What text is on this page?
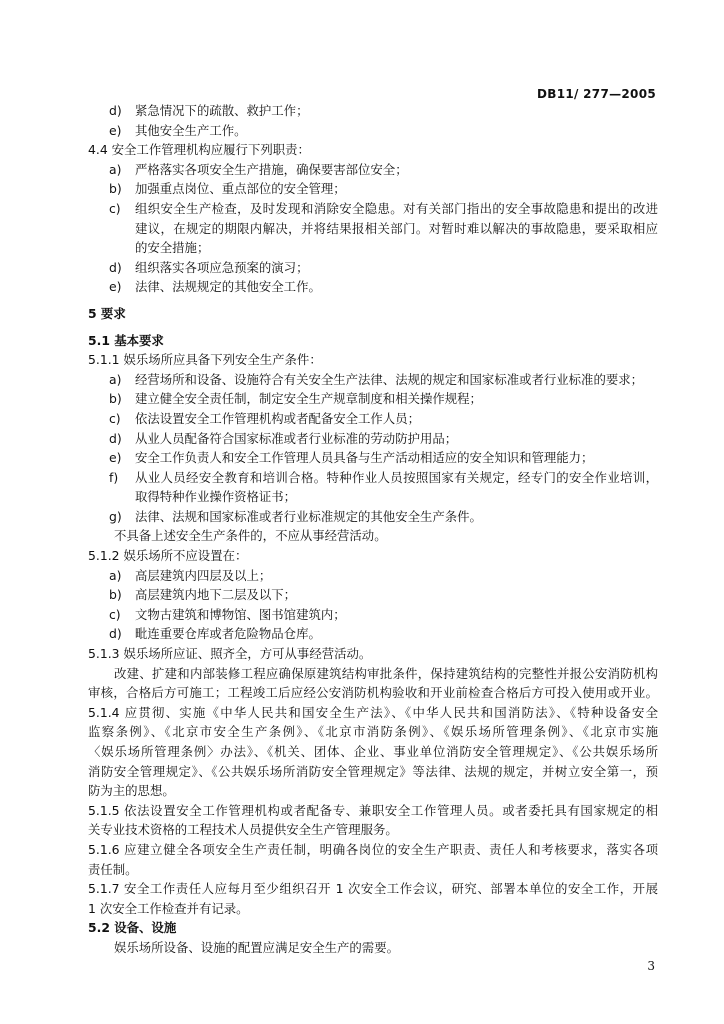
DB11/ 277—2005
d) 紧急情况下的疏散、救护工作；
e) 其他安全生产工作。
4.4 安全工作管理机构应履行下列职责：
a) 严格落实各项安全生产措施，确保要害部位安全；
b) 加强重点岗位、重点部位的安全管理；
c) 组织安全生产检查，及时发现和消除安全隐患。对有关部门指出的安全事故隐患和提出的改进
建议，在规定的期限内解决，并将结果报相关部门。对暂时难以解决的事故隐患，要采取相应
的安全措施；
d) 组织落实各项应急预案的演习；
e) 法律、法规规定的其他安全工作。
5 要求
5.1 基本要求
5.1.1 娱乐场所应具备下列安全生产条件：
a) 经营场所和设备、设施符合有关安全生产法律、法规的规定和国家标准或者行业标准的要求；
b) 建立健全安全责任制，制定安全生产规章制度和相关操作规程；
c) 依法设置安全工作管理机构或者配备安全工作人员；
d) 从业人员配备符合国家标准或者行业标准的劳动防护用品；
e) 安全工作负责人和安全工作管理人员具备与生产活动相适应的安全知识和管理能力；
f) 从业人员经安全教育和培训合格。特种作业人员按照国家有关规定，经专门的安全作业培训，
取得特种作业操作资格证书；
g) 法律、法规和国家标准或者行业标准规定的其他安全生产条件。
不具备上述安全生产条件的，不应从事经营活动。
5.1.2 娱乐场所不应设置在：
a) 高层建筑内四层及以上；
b) 高层建筑内地下二层及以下；
c) 文物古建筑和博物馆、图书馆建筑内；
d) 毗连重要仓库或者危险物品仓库。
5.1.3 娱乐场所应证、照齐全，方可从事经营活动。
改建、扩建和内部装修工程应确保原建筑结构审批条件，保持建筑结构的完整性并报公安消防机构
审核，合格后方可施工；工程竣工后应经公安消防机构验收和开业前检查合格后方可投入使用或开业。
5.1.4 应贯彻、实施《中华人民共和国安全生产法》、《中华人民共和国消防法》、《特种设备安全
监察条例》、《北京市安全生产条例》、《北京市消防条例》、《娱乐场所管理条例》、《北京市实施
〈娱乐场所管理条例〉办法》、《机关、团体、企业、事业单位消防安全管理规定》、《公共娱乐场所
消防安全管理规定》、《公共娱乐场所消防安全管理规定》等法律、法规的规定，并树立安全第一，预
防为主的思想。
5.1.5 依法设置安全工作管理机构或者配备专、兼职安全工作管理人员。或者委托具有国家规定的相
关专业技术资格的工程技术人员提供安全生产管理服务。
5.1.6 应建立健全各项安全生产责任制，明确各岗位的安全生产职责、责任人和考核要求，落实各项
责任制。
5.1.7 安全工作责任人应每月至少组织召开 1 次安全工作会议，研究、部署本单位的安全工作，开展
1 次安全工作检查并有记录。
5.2 设备、设施
娱乐场所设备、设施的配置应满足安全生产的需要。
3
